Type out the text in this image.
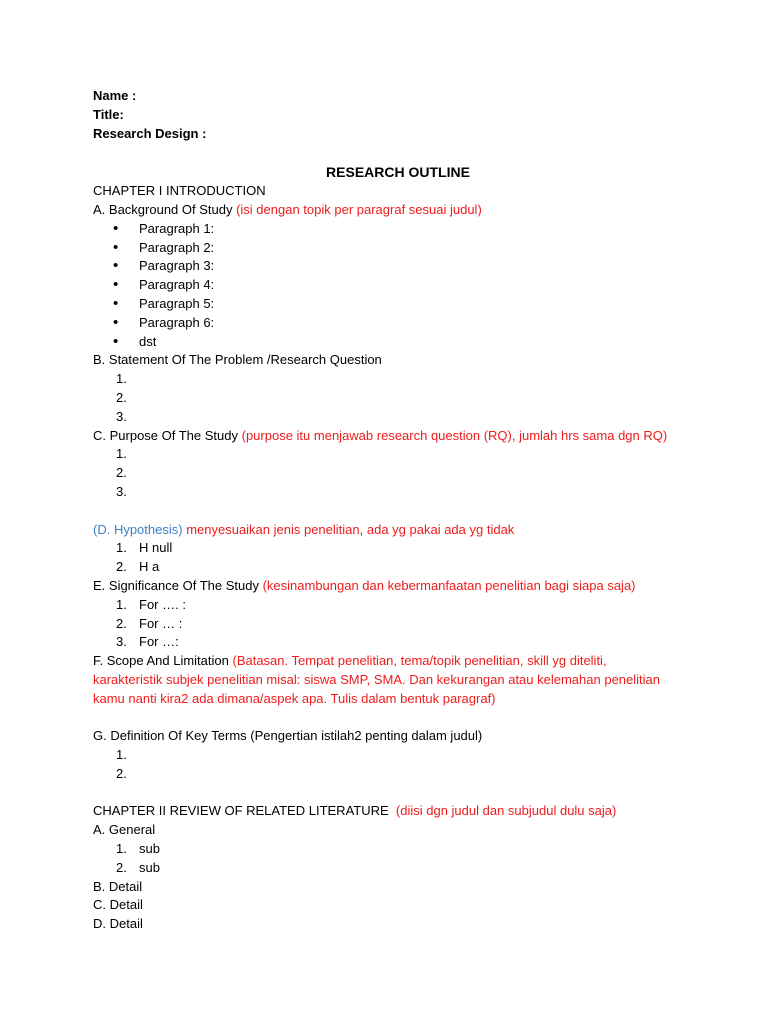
Name :
Title:
Research Design :
RESEARCH OUTLINE
CHAPTER I INTRODUCTION
A. Background Of Study (isi dengan topik per paragraf sesuai judul)
• Paragraph 1:
• Paragraph 2:
• Paragraph 3:
• Paragraph 4:
• Paragraph 5:
• Paragraph 6:
• dst
B. Statement Of The Problem /Research Question
1.
2.
3.
C. Purpose Of The Study (purpose itu menjawab research question (RQ), jumlah hrs sama dgn RQ)
1.
2.
3.
(D. Hypothesis) menyesuaikan jenis penelitian, ada yg pakai ada yg tidak
1. H null
2. H a
E. Significance Of The Study (kesinambungan dan kebermanfaatan penelitian bagi siapa saja)
1. For …. :
2. For … :
3. For …:
F. Scope And Limitation (Batasan. Tempat penelitian, tema/topik penelitian, skill yg diteliti,
karakteristik subjek penelitian misal: siswa SMP, SMA. Dan kekurangan atau kelemahan penelitian
kamu nanti kira2 ada dimana/aspek apa. Tulis dalam bentuk paragraf)
G. Definition Of Key Terms (Pengertian istilah2 penting dalam judul)
1.
2.
CHAPTER II REVIEW OF RELATED LITERATURE  (diisi dgn judul dan subjudul dulu saja)
A. General
1. sub
2. sub
B. Detail
C. Detail
D. Detail
